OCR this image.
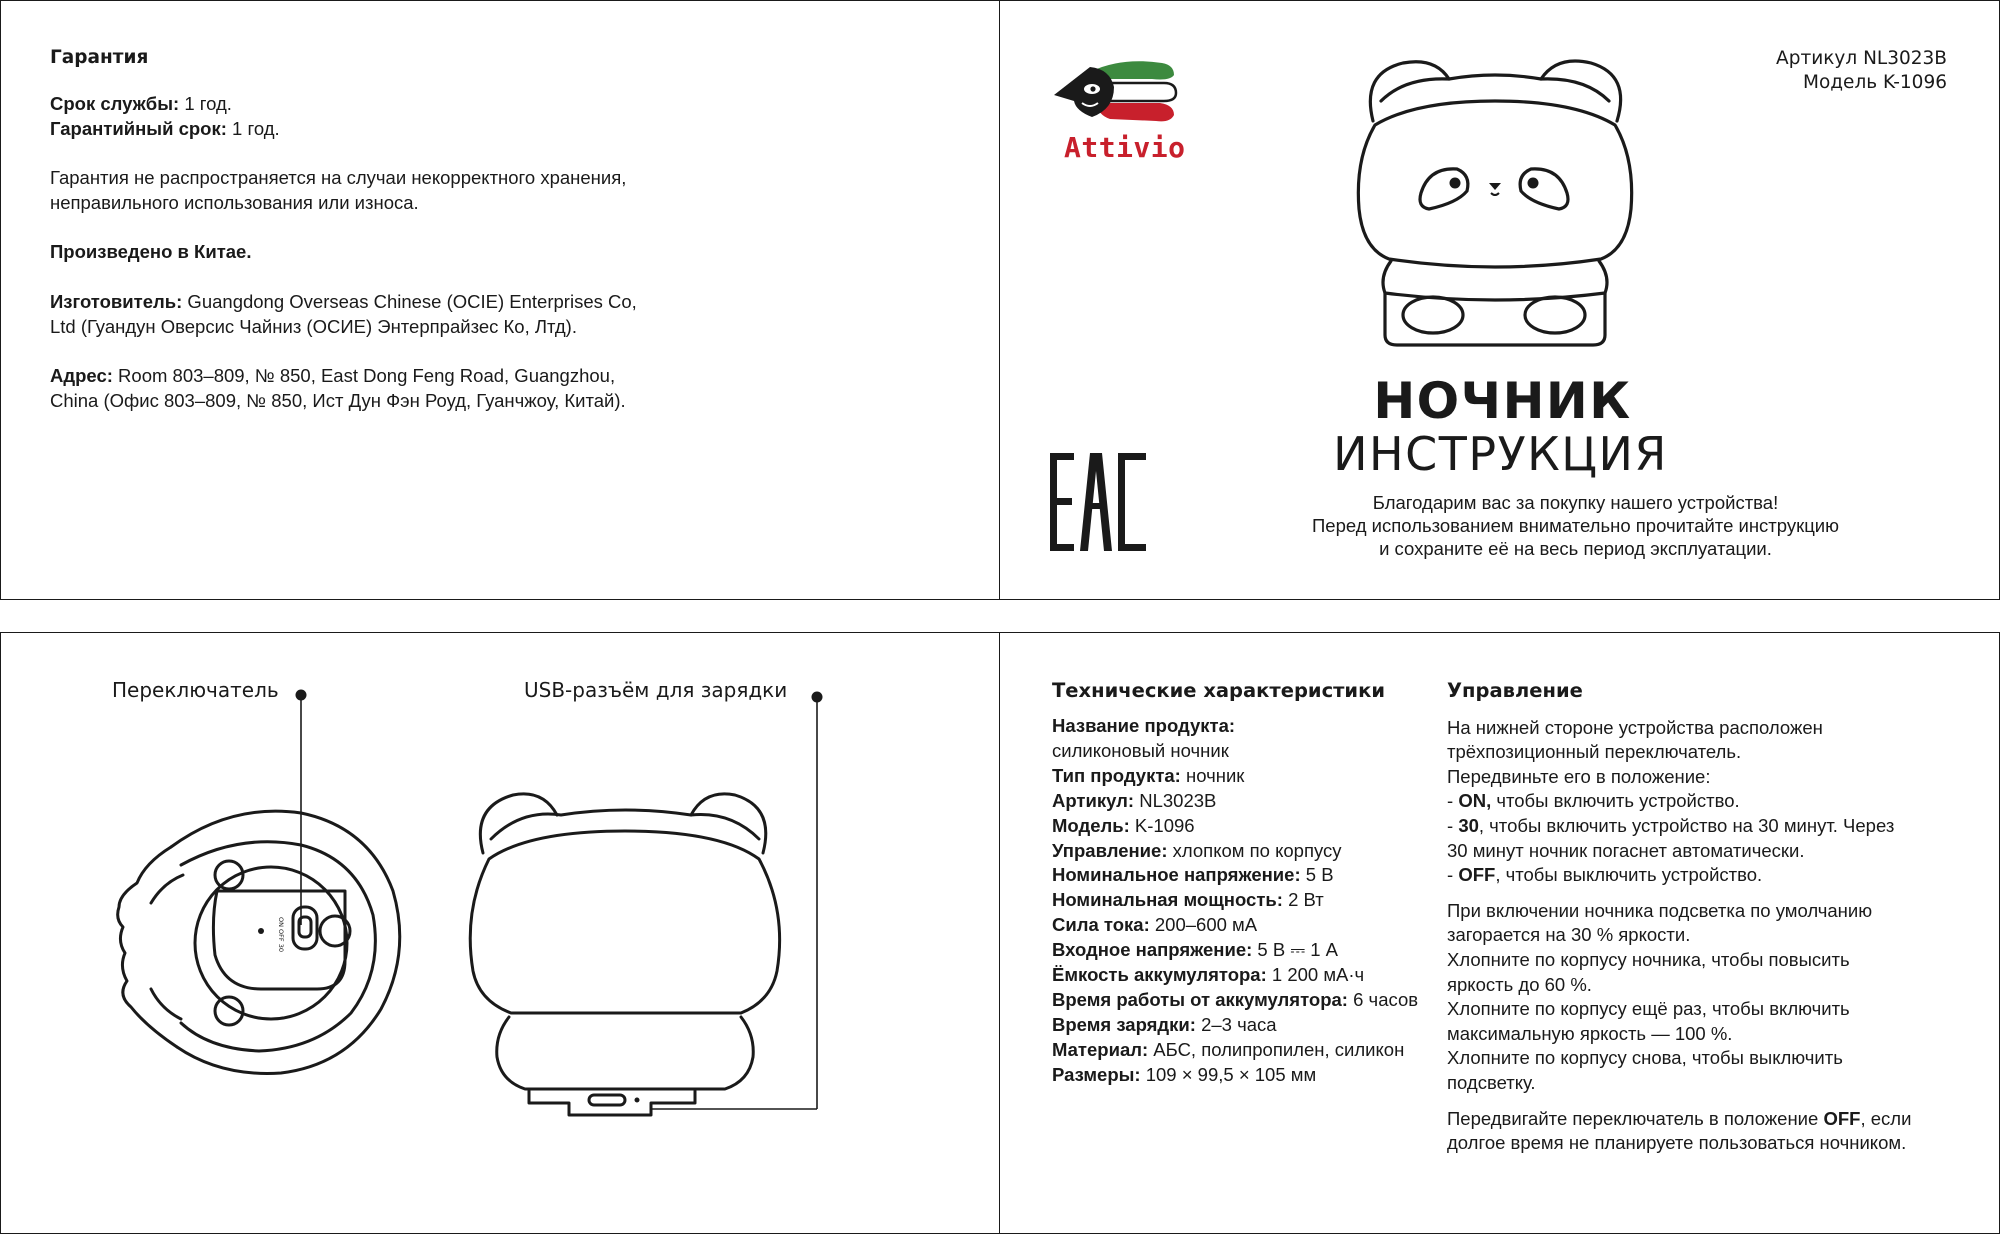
Гарантия
Срок службы: 1 год.
Гарантийный срок: 1 год.
Гарантия не распространяется на случаи некорректного хранения, неправильного использования или износа.
Произведено в Китае.
Изготовитель: Guangdong Overseas Chinese (OCIE) Enterprises Co, Ltd (Гуандун Оверсис Чайниз (OCИE) Энтерпрайзес Ко, Лтд).
Адрес: Room 803–809, № 850, East Dong Feng Road, Guangzhou, China (Офис 803–809, № 850, Ист Дун Фэн Роуд, Гуанчжоу, Китай).
Attivio
Артикул NL3023B
Модель K-1096
НОЧНИК
ИНСТРУКЦИЯ
Благодарим вас за покупку нашего устройства!
Перед использованием внимательно прочитайте инструкцию
и сохраните её на весь период эксплуатации.
Переключатель	USB-разъём для зарядки
ON OFF 30
Технические характеристики
Название продукта:
силиконовый ночник
Тип продукта: ночник
Артикул: NL3023B
Модель: K-1096
Управление: хлопком по корпусу
Номинальное напряжение: 5 В
Номинальная мощность: 2 Вт
Сила тока: 200–600 мА
Входное напряжение: 5 В ⎓ 1 А
Ёмкость аккумулятора: 1 200 мА·ч
Время работы от аккумулятора: 6 часов
Время зарядки: 2–3 часа
Материал: АБС, полипропилен, силикон
Размеры: 109 × 99,5 × 105 мм
Управление

На нижней стороне устройства расположен

трёхпозиционный переключатель.

Передвиньте его в положение:

- ON, чтобы включить устройство.

- 30, чтобы включить устройство на 30 минут. Через

30 минут ночник погаснет автоматически.

- OFF, чтобы выключить устройство.

При включении ночника подсветка по умолчанию

загорается на 30 % яркости.

Хлопните по корпусу ночника, чтобы повысить

яркость до 60 %.

Хлопните по корпусу ещё раз, чтобы включить

максимальную яркость — 100 %.

Хлопните по корпусу снова, чтобы выключить

подсветку.

Передвигайте переключатель в положение OFF, если

долгое время не планируете пользоваться ночником.
